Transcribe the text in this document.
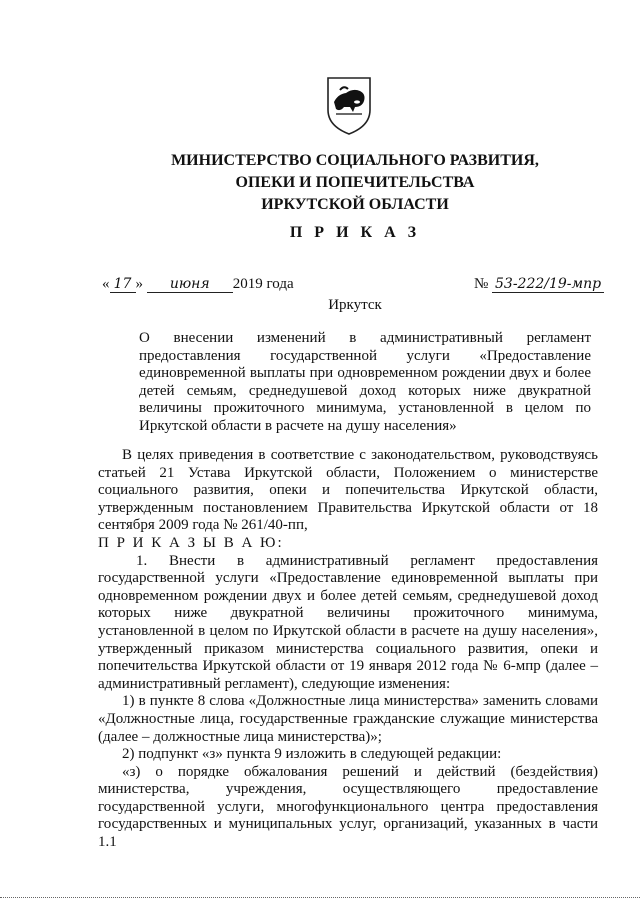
МИНИСТЕРСТВО СОЦИАЛЬНОГО РАЗВИТИЯ,
ОПЕКИ И ПОПЕЧИТЕЛЬСТВА
ИРКУТСКОЙ ОБЛАСТИ
П Р И К А З
« 17 » июня 2019 года	№ 53-222/19-мпр
Иркутск
О внесении изменений в административный регламент предоставления государственной услуги «Предоставление единовременной выплаты при одновременном рождении двух и более детей семьям, среднедушевой доход которых ниже двукратной величины прожиточного минимума, установленной в целом по Иркутской области в расчете на душу населения»

В целях приведения в соответствие с законодательством, руководствуясь статьей 21 Устава Иркутской области, Положением о министерстве социального развития, опеки и попечительства Иркутской области, утвержденным постановлением Правительства Иркутской области от 18 сентября 2009 года № 261/40-пп,

П Р И К А З Ы В А Ю:

1. Внести в административный регламент предоставления государственной услуги «Предоставление единовременной выплаты при одновременном рождении двух и более детей семьям, среднедушевой доход которых ниже двукратной величины прожиточного минимума, установленной в целом по Иркутской области в расчете на душу населения», утвержденный приказом министерства социального развития, опеки и попечительства Иркутской области от 19 января 2012 года № 6-мпр (далее – административный регламент), следующие изменения:

1) в пункте 8 слова «Должностные лица министерства» заменить словами «Должностные лица, государственные гражданские служащие министерства (далее – должностные лица министерства)»;

2) подпункт «з» пункта 9 изложить в следующей редакции:

«з) о порядке обжалования решений и действий (бездействия) министерства, учреждения, осуществляющего предоставление государственной услуги, многофункционального центра предоставления государственных и муниципальных услуг, организаций, указанных в части 1.1
